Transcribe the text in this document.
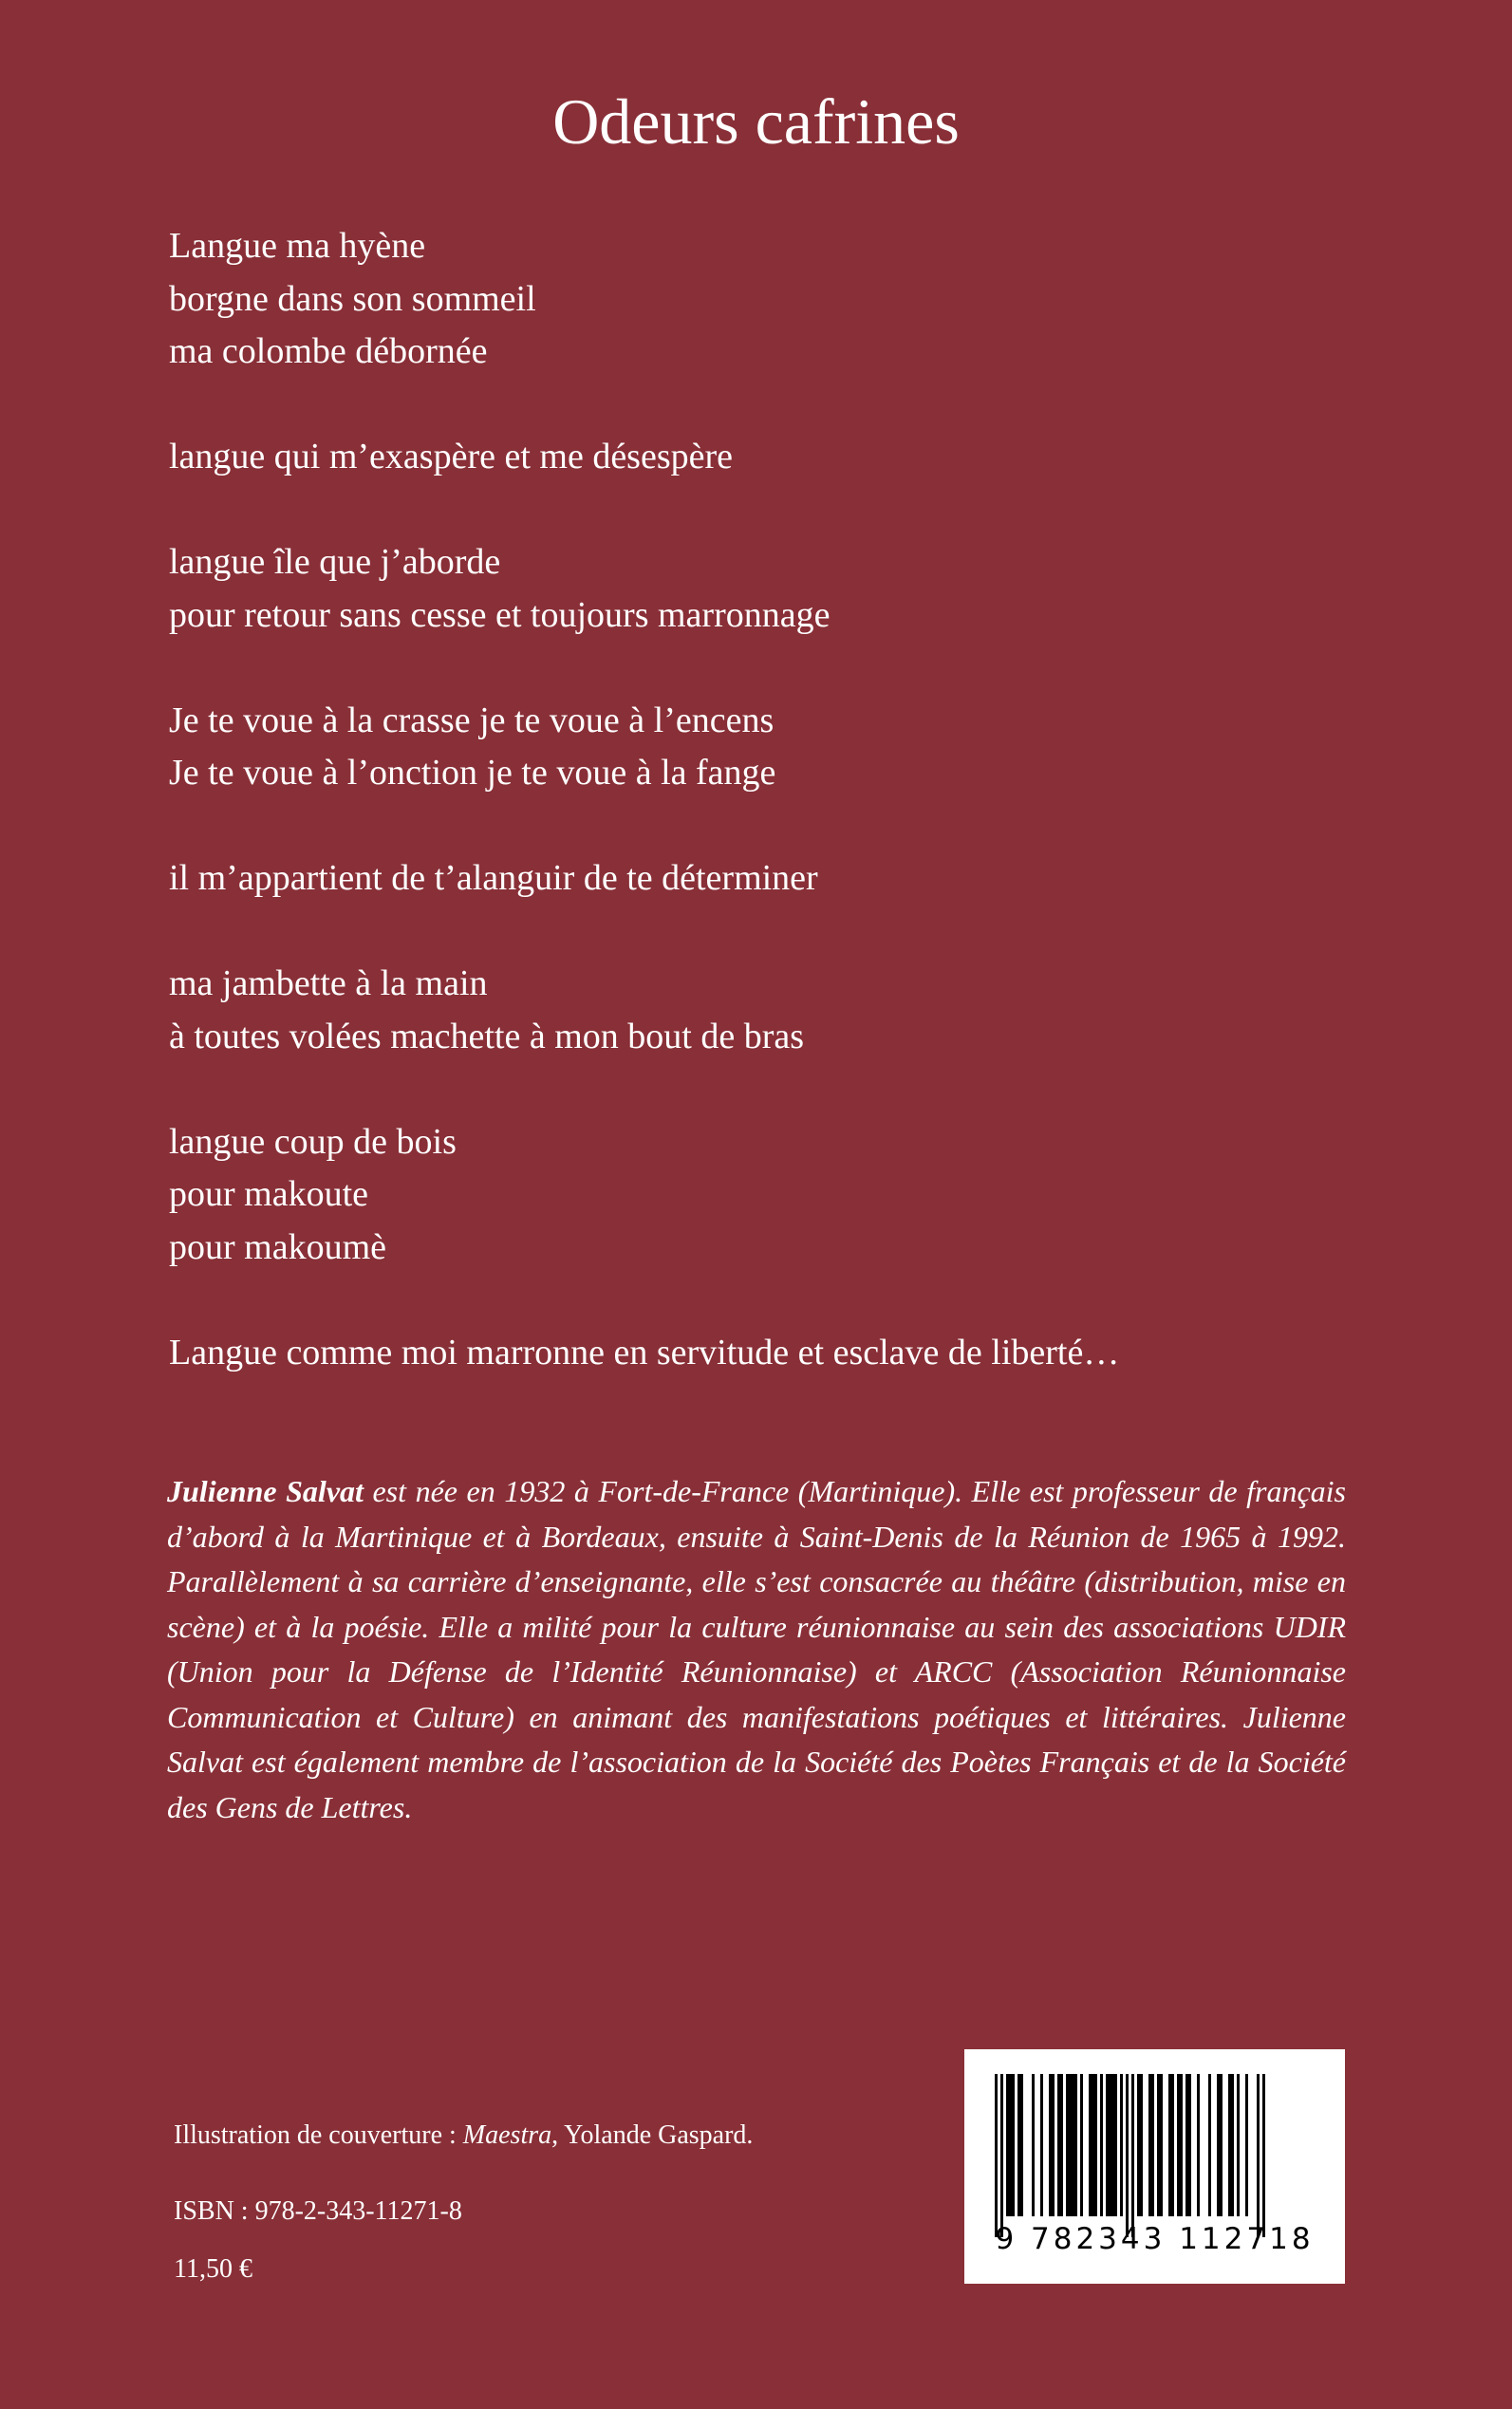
Odeurs cafrines
Langue ma hyène
borgne dans son sommeil
ma colombe débornée
langue qui m’exaspère et me désespère
langue île que j’aborde
pour retour sans cesse et toujours marronnage
Je te voue à la crasse je te voue à l’encens
Je te voue à l’onction je te voue à la fange
il m’appartient de t’alanguir de te déterminer
ma jambette à la main
à toutes volées machette à mon bout de bras
langue coup de bois
pour makoute
pour makoumè
Langue comme moi marronne en servitude et esclave de liberté…

Julienne Salvat est née en 1932 à Fort-de-France (Martinique). Elle est professeur de français d’abord à la Martinique et à Bordeaux, ensuite à Saint-Denis de la Réunion de 1965 à 1992. Parallèlement à sa carrière d’enseignante, elle s’est consacrée au théâtre (distribution, mise en scène) et à la poésie. Elle a milité pour la culture réunionnaise au sein des associations UDIR (Union pour la Défense de l’Identité Réunionnaise) et ARCC (Association Réunionnaise Communication et Culture) en animant des manifestations poétiques et littéraires. Julienne Salvat est également membre de l’association de la Société des Poètes Français et de la Société des Gens de Lettres.

Illustration de couverture : Maestra, Yolande Gaspard.
ISBN : 978-2-343-11271-8
11,50 €
9 782343 112718
